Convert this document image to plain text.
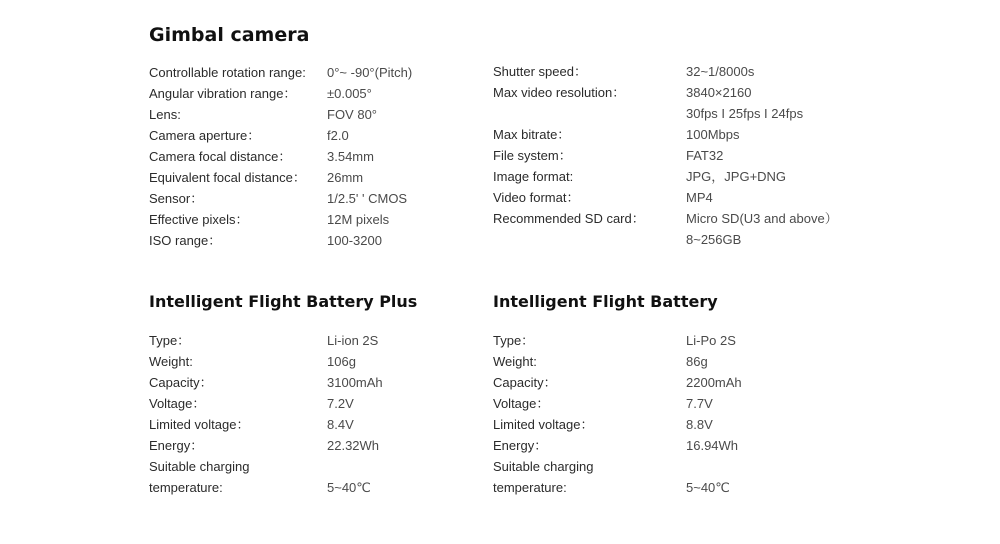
Gimbal camera
Intelligent Flight Battery Plus	Intelligent Flight Battery
Controllable rotation range: 0°~ -90°(Pitch)
Angular vibration range： ±0.005°
Lens:	FOV 80°
Camera aperture：	f2.0
Camera focal distance：	3.54mm
Equivalent focal distance： 26mm
Sensor：	1/2.5' ' CMOS
Effective pixels：	12M pixels
ISO range：	100-3200
Shutter speed：	32~1/8000s
Max video resolution：	3840×2160
30fps I 25fps I 24fps
Max bitrate：	100Mbps
File system：	FAT32
Image format:	JPG，JPG+DNG
Video format：	MP4
Recommended SD card：	Micro SD(U3 and above）
8~256GB
Type：	Li-ion 2S
Weight:	106g
Capacity：	3100mAh
Voltage：	7.2V
Limited voltage：	8.4V
Energy：	22.32Wh
Suitable charging
temperature:	5~40℃
Type：	Li-Po 2S
Weight:	86g
Capacity：	2200mAh
Voltage：	7.7V
Limited voltage：	8.8V
Energy：	16.94Wh
Suitable charging
temperature:	5~40℃
